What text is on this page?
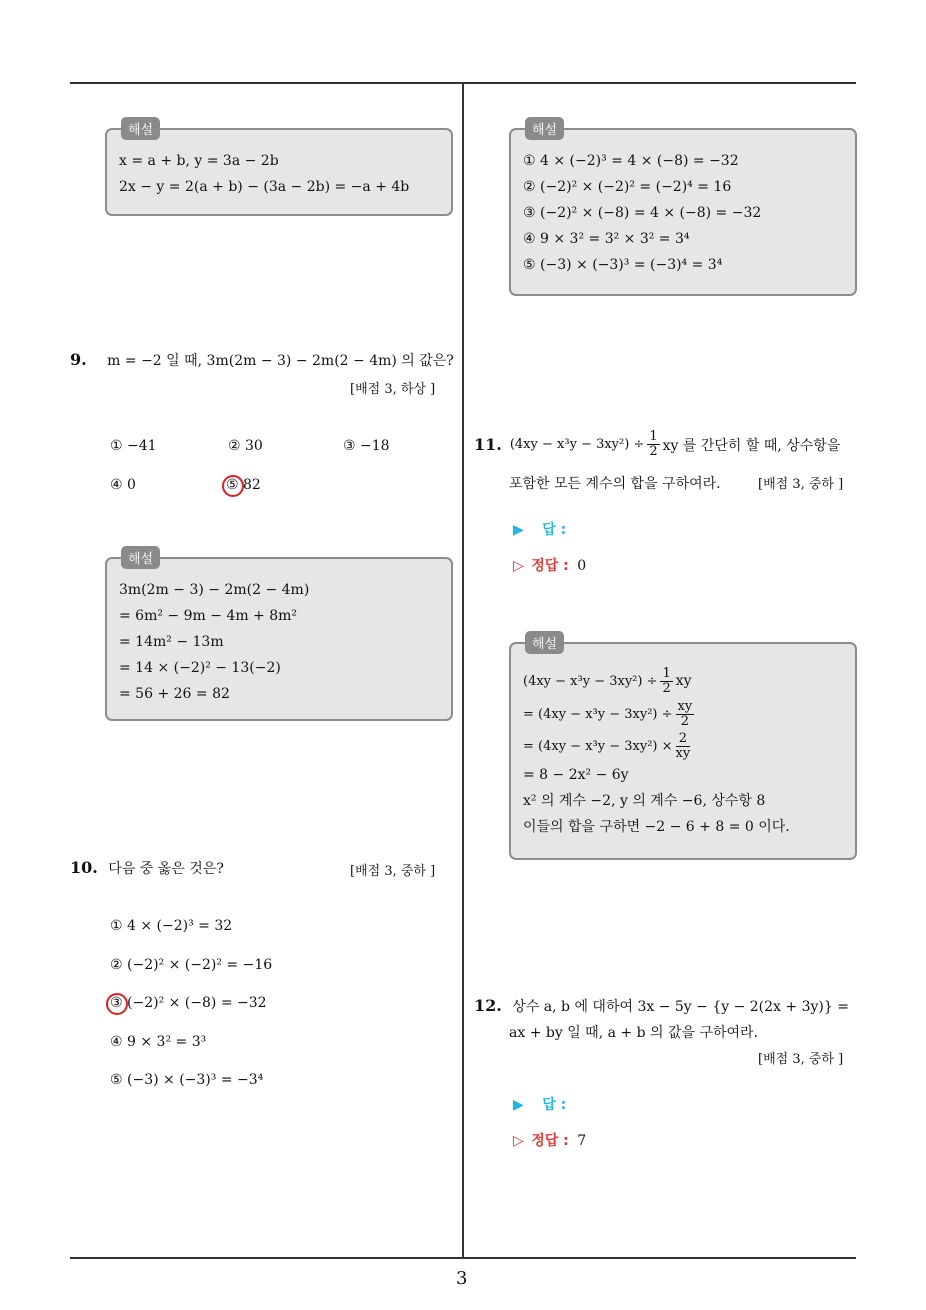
해설
x = a + b, y = 3a − 2b
2x − y = 2(a + b) − (3a − 2b) = −a + 4b
9. m = −2 일 때, 3m(2m − 3) − 2m(2 − 4m) 의 값은?
[배점 3, 하상 ]
① −41	② 30	③ −18
④ 0	⑤ 82
해설
3m(2m − 3) − 2m(2 − 4m)
= 6m² − 9m − 4m + 8m²
= 14m² − 13m
= 14 × (−2)² − 13(−2)
= 56 + 26 = 82
10. 다음 중 옳은 것은?	[배점 3, 중하 ]
① 4 × (−2)³ = 32
② (−2)² × (−2)² = −16
③ (−2)² × (−8) = −32
④ 9 × 3² = 3³
⑤ (−3) × (−3)³ = −3⁴
해설
① 4 × (−2)³ = 4 × (−8) = −32
② (−2)² × (−2)² = (−2)⁴ = 16
③ (−2)² × (−8) = 4 × (−8) = −32
④ 9 × 3² = 3² × 3² = 3⁴
⑤ (−3) × (−3)³ = (−3)⁴ = 3⁴
11. $(4xy - x^3y - 3xy^2) \div \frac{1}{2}$ xy 를 간단히 할 때, 상수항을
포함한 모든 계수의 합을 구하여라.	[배점 3, 중하 ]
▶ 답 :
▷ 정답 : 0
해설
$(4xy - x^3y - 3xy^2) \div \frac{1}{2}$ xy
= $(4xy - x^3y - 3xy^2) \div \frac{xy}{2}$
= $(4xy - x^3y - 3xy^2) \times \frac{2}{xy}$
= 8 − 2x² − 6y
x² 의 계수 −2, y 의 계수 −6, 상수항 8
이들의 합을 구하면 −2 − 6 + 8 = 0 이다.
12. 상수 a, b 에 대하여 3x − 5y − {y − 2(2x + 3y)} =
ax + by 일 때, a + b 의 값을 구하여라.
[배점 3, 중하 ]
▶ 답 :
▷ 정답 : 7
3
